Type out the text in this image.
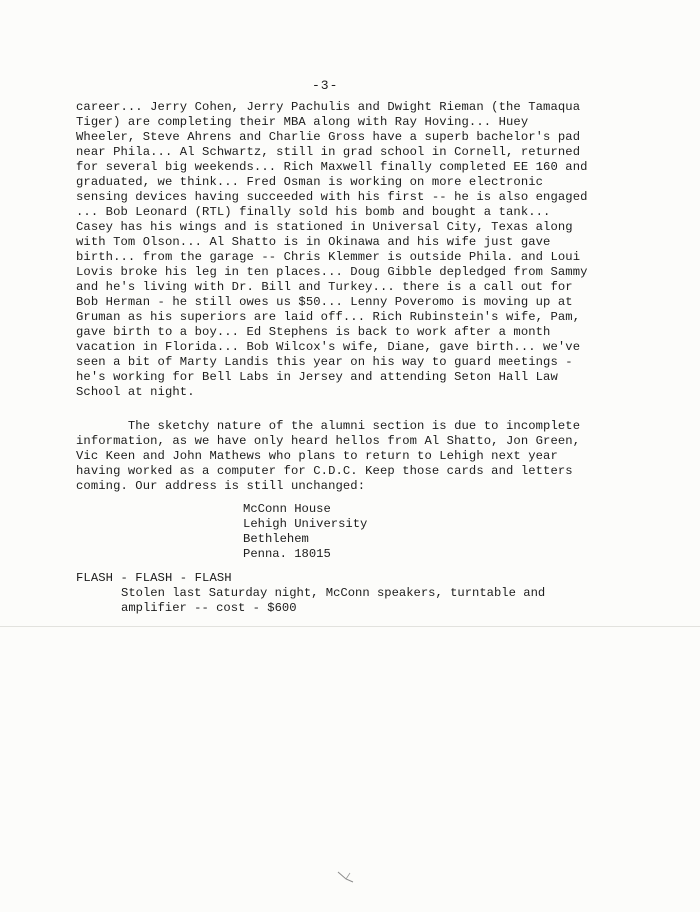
-3-
career... Jerry Cohen, Jerry Pachulis and Dwight Rieman (the Tamaqua
Tiger) are completing their MBA along with Ray Hoving... Huey
Wheeler, Steve Ahrens and Charlie Gross have a superb bachelor's pad
near Phila... Al Schwartz, still in grad school in Cornell, returned
for several big weekends... Rich Maxwell finally completed EE 160 and
graduated, we think... Fred Osman is working on more electronic
sensing devices having succeeded with his first -- he is also engaged
... Bob Leonard (RTL) finally sold his bomb and bought a tank...
Casey has his wings and is stationed in Universal City, Texas along
with Tom Olson... Al Shatto is in Okinawa and his wife just gave
birth... from the garage -- Chris Klemmer is outside Phila. and Loui
Lovis broke his leg in ten places... Doug Gibble depledged from Sammy
and he's living with Dr. Bill and Turkey... there is a call out for
Bob Herman - he still owes us $50... Lenny Poveromo is moving up at
Gruman as his superiors are laid off... Rich Rubinstein's wife, Pam,
gave birth to a boy... Ed Stephens is back to work after a month
vacation in Florida... Bob Wilcox's wife, Diane, gave birth... we've
seen a bit of Marty Landis this year on his way to guard meetings -
he's working for Bell Labs in Jersey and attending Seton Hall Law
School at night.
The sketchy nature of the alumni section is due to incomplete
information, as we have only heard hellos from Al Shatto, Jon Green,
Vic Keen and John Mathews who plans to return to Lehigh next year
having worked as a computer for C.D.C. Keep those cards and letters
coming. Our address is still unchanged:
McConn House
Lehigh University
Bethlehem
Penna. 18015
FLASH - FLASH - FLASH
Stolen last Saturday night, McConn speakers, turntable and
amplifier -- cost - $600
